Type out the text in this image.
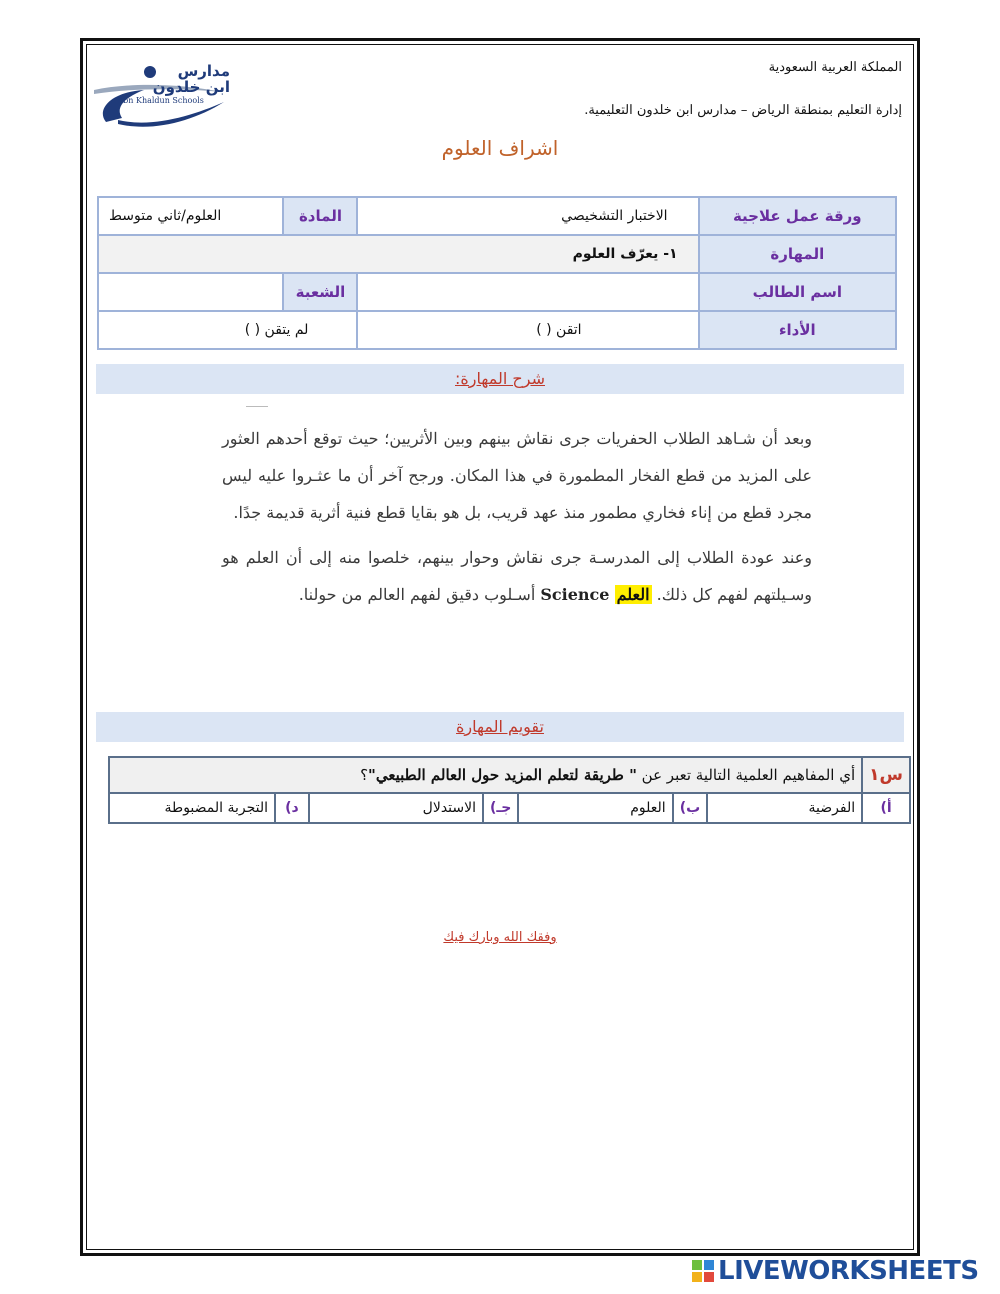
المملكة العربية السعودية
إدارة التعليم بمنطقة الرياض – مدارس ابن خلدون التعليمية.
مدارس
ابن خلدون
Ibn Khaldun Schools
اشراف العلوم
ورقة عمل علاجية	الاختبار التشخيصي	المادة	العلوم/ثاني متوسط
المهارة	١- يعرّف العلوم		
اسم الطالب		الشعبة	
الأداء	اتقن ( )	لم يتقن ( )	
شرح المهارة:

وبعد أن شـاهد الطلاب الحفريات جرى نقاش بينهم وبين الأثريين؛ حيث توقع أحدهم العثور على المزيد من قطع الفخار المطمورة في هذا المكان. ورجح آخر أن ما عثـروا عليه ليس مجرد قطع من إناء فخاري مطمور منذ عهد قريب، بل هو بقايا قطع فنية أثرية قديمة جدًا.

وعند عودة الطلاب إلى المدرسـة جرى نقاش وحوار بينهم، خلصوا منه إلى أن العلم هو وسـيلتهم لفهم كل ذلك. العلم Science أسـلوب دقيق لفهم العالم من حولنا.

تقويم المهارة
س١	أي المفاهيم العلمية التالية تعبر عن " طريقة لتعلم المزيد حول العالم الطبيعي"؟						
أ)	الفرضية	ب)	العلوم	جـ)	الاستدلال	د)	التجربة المضبوطة
وفقك الله وبارك فيك
LIVEWORKSHEETS
